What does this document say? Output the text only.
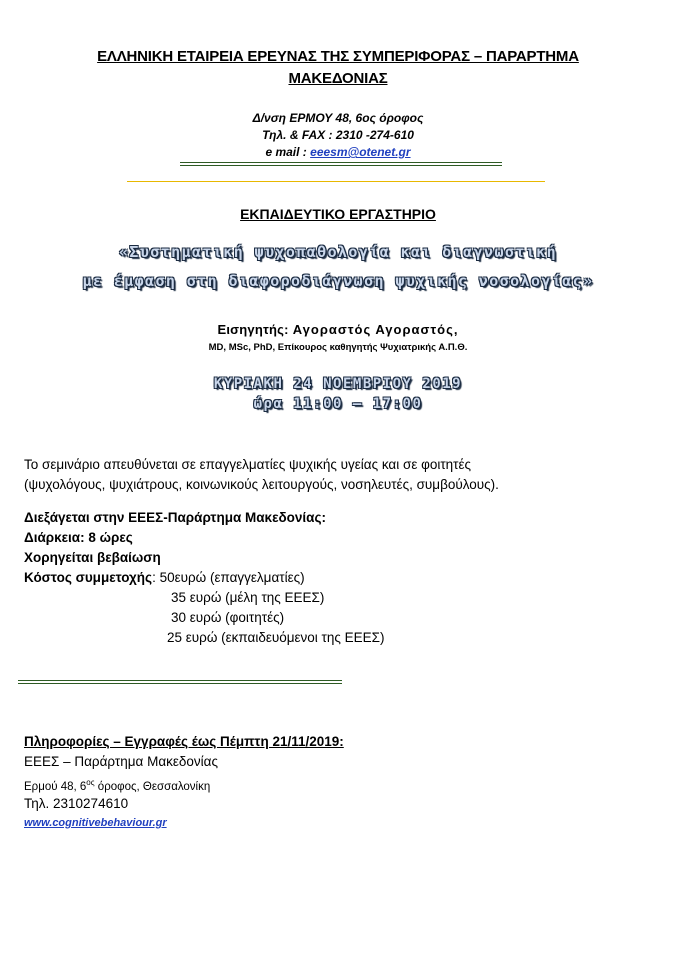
ΕΛΛΗΝΙΚΗ ΕΤΑΙΡΕΙΑ ΕΡΕΥΝΑΣ ΤΗΣ ΣΥΜΠΕΡΙΦΟΡΑΣ – ΠΑΡΑΡΤΗΜΑ
ΜΑΚΕΔΟΝΙΑΣ
Δ/νση ΕΡΜΟΥ 48, 6ος όροφος
Τηλ. & FAX : 2310 -274-610
e mail : eeesm@otenet.gr
ΕΚΠΑΙΔΕΥΤΙΚΟ ΕΡΓΑΣΤΗΡΙΟ
«Συστηματική ψυχοπαθολογία και διαγνωστική
με έμφαση στη διαφοροδιάγνωση ψυχικής νοσολογίας»
Εισηγητής: Αγοραστός Αγοραστός,
MD, MSc, PhD, Επίκουρος καθηγητής Ψυχιατρικής Α.Π.Θ.
ΚΥΡΙΑΚΗ 24 ΝΟΕΜΒΡΙΟΥ 2019
ώρα 11:00 – 17:00
Το σεμινάριο απευθύνεται σε επαγγελματίες ψυχικής υγείας και σε φοιτητές
(ψυχολόγους, ψυχιάτρους, κοινωνικούς λειτουργούς, νοσηλευτές, συμβούλους).
Διεξάγεται στην ΕΕΕΣ-Παράρτημα Μακεδονίας:
Διάρκεια: 8 ώρες
Χορηγείται βεβαίωση
Κόστος συμμετοχής: 50ευρώ (επαγγελματίες)
35 ευρώ (μέλη της ΕΕΕΣ)
30 ευρώ (φοιτητές)
25 ευρώ (εκπαιδευόμενοι της ΕΕΕΣ)
Πληροφορίες – Εγγραφές έως Πέμπτη 21/11/2019:
ΕΕΕΣ – Παράρτημα Μακεδονίας
Ερμού 48, $6^{o\varsigma}$ όροφος, Θεσσαλονίκη
Τηλ. 2310274610
www.cognitivebehaviour.gr
